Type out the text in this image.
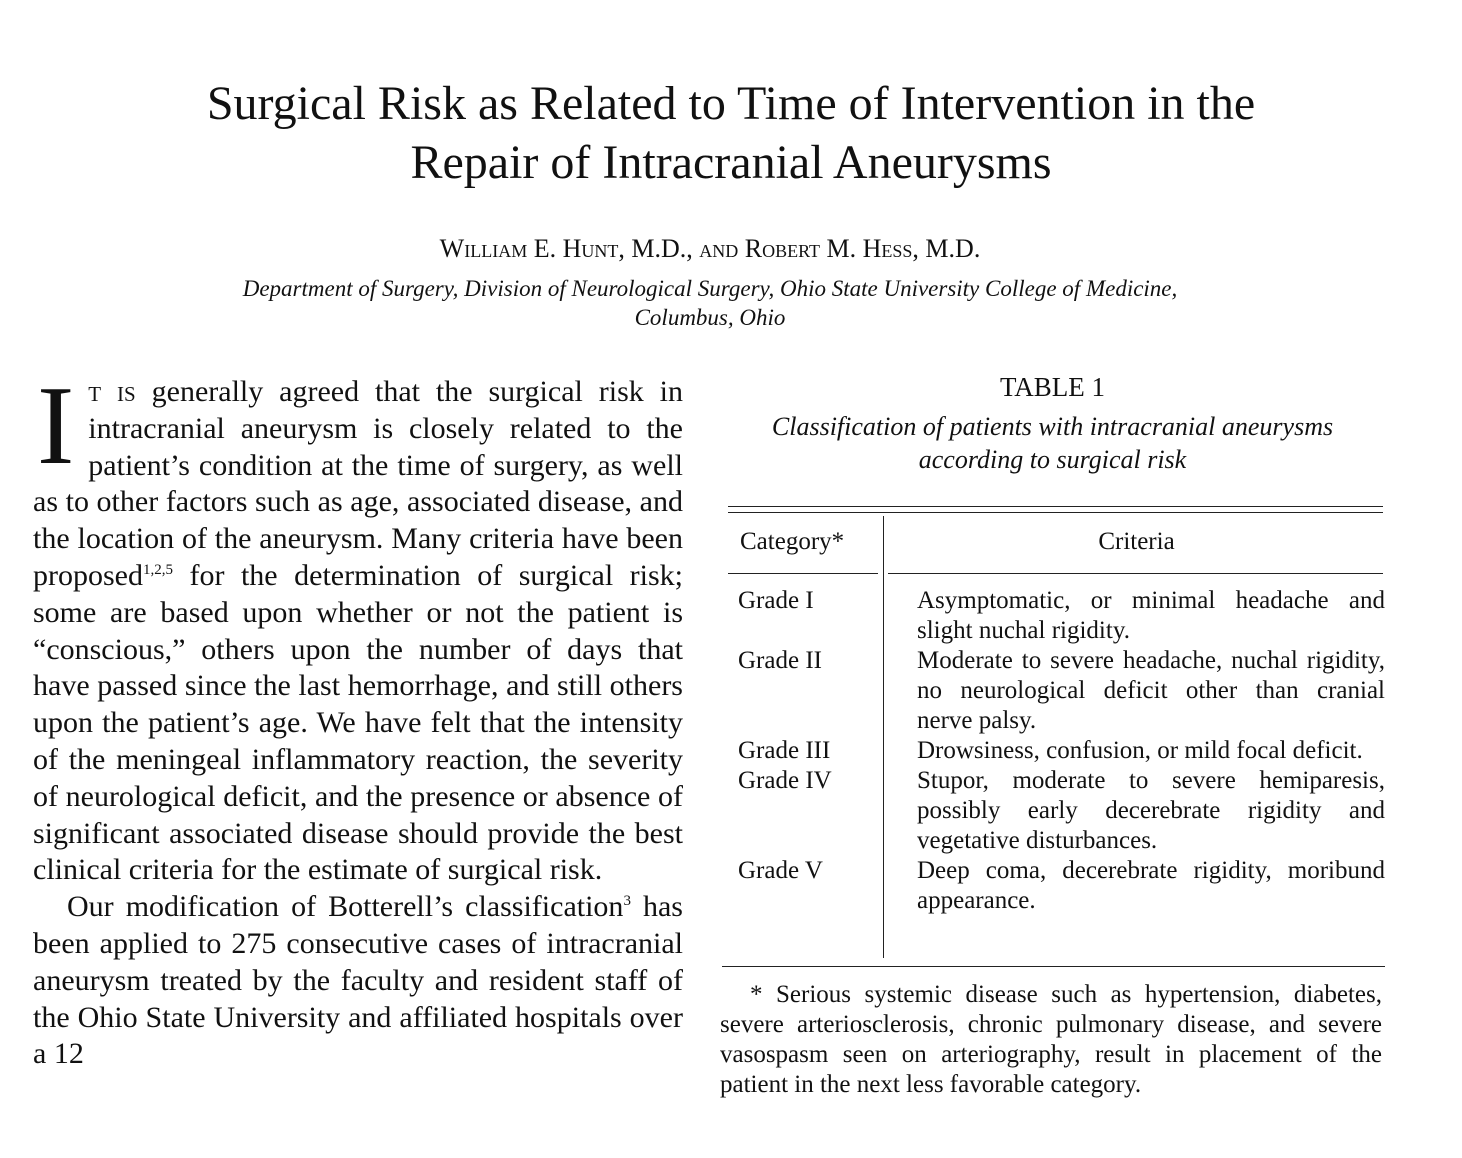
Surgical Risk as Related to Time of Intervention in the
Repair of Intracranial Aneurysms
William E. Hunt, M.D., and Robert M. Hess, M.D.
Department of Surgery, Division of Neurological Surgery, Ohio State University College of Medicine,
Columbus, Ohio

It is generally agreed that the surgical risk in intracranial aneurysm is closely related to the patient’s condition at the time of surgery, as well as to other factors such as age, associated disease, and the location of the aneurysm. Many criteria have been proposed$^{1,2,5}$ for the determination of surgical risk; some are based upon whether or not the patient is “conscious,” others upon the number of days that have passed since the last hemorrhage, and still others upon the patient’s age. We have felt that the intensity of the meningeal inflammatory reaction, the severity of neurological deficit, and the presence or absence of significant associated disease should provide the best clinical criteria for the estimate of surgical risk.

Our modification of Botterell’s classification$^3$ has been applied to 275 consecutive cases of intracranial aneurysm treated by the faculty and resident staff of the Ohio State University and affiliated hospitals over a 12

TABLE 1
Classification of patients with intracranial aneurysms according to surgical risk
Category*	Criteria
Grade I	Asymptomatic, or minimal headache and slight nuchal rigidity.
Grade II	Moderate to severe headache, nuchal rigidity, no neurological deficit other than cranial nerve palsy.
Grade III	Drowsiness, confusion, or mild focal deficit.
Grade IV	Stupor, moderate to severe hemiparesis, possibly early decerebrate rigidity and vegetative disturbances.
Grade V	Deep coma, decerebrate rigidity, moribund appearance.
* Serious systemic disease such as hypertension, diabetes, severe arteriosclerosis, chronic pulmonary disease, and severe vasospasm seen on arteriography, result in placement of the patient in the next less favorable category.
